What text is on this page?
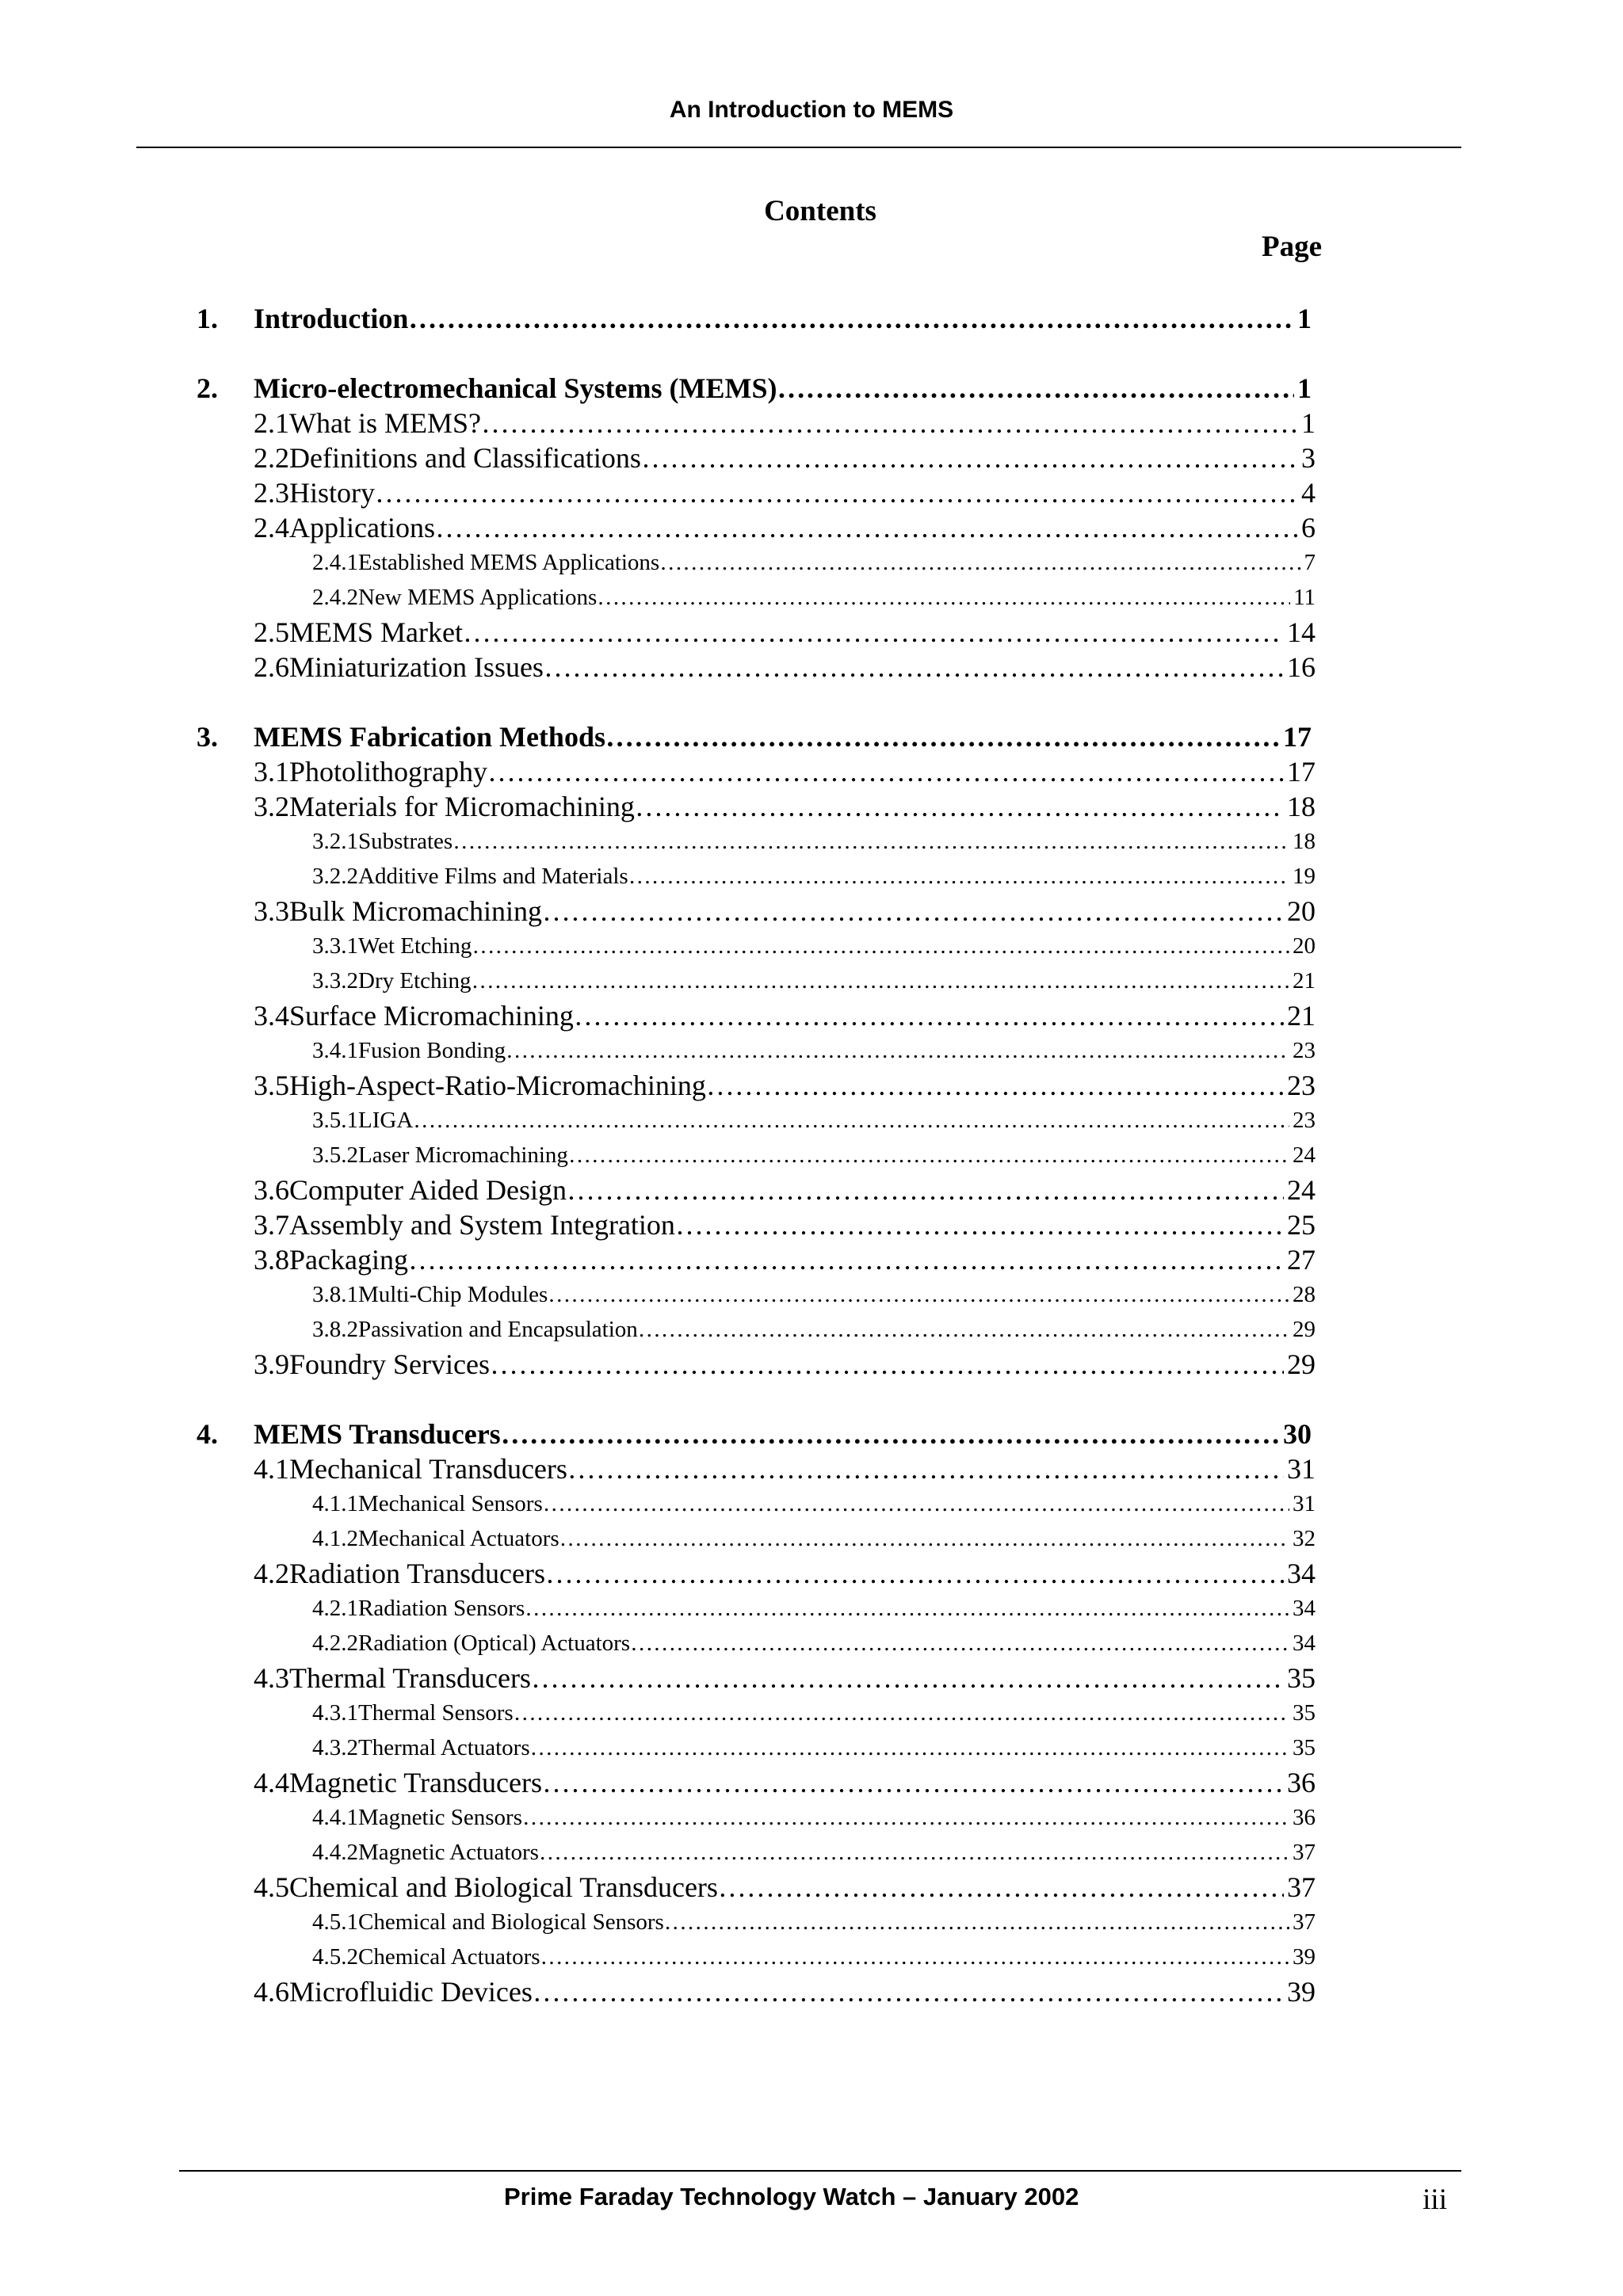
An Introduction to MEMS
Contents
Page
1. Introduction ……………………………………………………………………………………………………………………………………………………………………………………………………………………………………………………………………………………………………………………	1
2. Micro-electromechanical Systems (MEMS) ……………………………………………………………………………………………………………………………………………………………………………………………………………………………………………………………………………………………………………………	1
2.1 What is MEMS? ……………………………………………………………………………………………………………………………………………………………………………………………………………………………………………………………………………………………………………………	1
2.2 Definitions and Classifications ……………………………………………………………………………………………………………………………………………………………………………………………………………………………………………………………………………………………………………………	3
2.3 History ……………………………………………………………………………………………………………………………………………………………………………………………………………………………………………………………………………………………………………………	4
2.4 Applications ……………………………………………………………………………………………………………………………………………………………………………………………………………………………………………………………………………………………………………………	6
2.4.1 Established MEMS Applications ……………………………………………………………………………………………………………………………………………………………………………………………………………………………………………………………………………………………………………………	7
2.4.2 New MEMS Applications ……………………………………………………………………………………………………………………………………………………………………………………………………………………………………………………………………………………………………………………	11
2.5 MEMS Market ……………………………………………………………………………………………………………………………………………………………………………………………………………………………………………………………………………………………………………………	14
2.6 Miniaturization Issues ……………………………………………………………………………………………………………………………………………………………………………………………………………………………………………………………………………………………………………………	16
3. MEMS Fabrication Methods ……………………………………………………………………………………………………………………………………………………………………………………………………………………………………………………………………………………………………………………	17
3.1 Photolithography ……………………………………………………………………………………………………………………………………………………………………………………………………………………………………………………………………………………………………………………	17
3.2 Materials for Micromachining ……………………………………………………………………………………………………………………………………………………………………………………………………………………………………………………………………………………………………………………	18
3.2.1 Substrates ……………………………………………………………………………………………………………………………………………………………………………………………………………………………………………………………………………………………………………………	18
3.2.2 Additive Films and Materials ……………………………………………………………………………………………………………………………………………………………………………………………………………………………………………………………………………………………………………………	19
3.3 Bulk Micromachining ……………………………………………………………………………………………………………………………………………………………………………………………………………………………………………………………………………………………………………………	20
3.3.1 Wet Etching ……………………………………………………………………………………………………………………………………………………………………………………………………………………………………………………………………………………………………………………	20
3.3.2 Dry Etching ……………………………………………………………………………………………………………………………………………………………………………………………………………………………………………………………………………………………………………………	21
3.4 Surface Micromachining ……………………………………………………………………………………………………………………………………………………………………………………………………………………………………………………………………………………………………………………	21
3.4.1 Fusion Bonding ……………………………………………………………………………………………………………………………………………………………………………………………………………………………………………………………………………………………………………………	23
3.5 High-Aspect-Ratio-Micromachining ……………………………………………………………………………………………………………………………………………………………………………………………………………………………………………………………………………………………………………………	23
3.5.1 LIGA ……………………………………………………………………………………………………………………………………………………………………………………………………………………………………………………………………………………………………………………	23
3.5.2 Laser Micromachining ……………………………………………………………………………………………………………………………………………………………………………………………………………………………………………………………………………………………………………………	24
3.6 Computer Aided Design ……………………………………………………………………………………………………………………………………………………………………………………………………………………………………………………………………………………………………………………	24
3.7 Assembly and System Integration ……………………………………………………………………………………………………………………………………………………………………………………………………………………………………………………………………………………………………………………	25
3.8 Packaging ……………………………………………………………………………………………………………………………………………………………………………………………………………………………………………………………………………………………………………………	27
3.8.1 Multi-Chip Modules ……………………………………………………………………………………………………………………………………………………………………………………………………………………………………………………………………………………………………………………	28
3.8.2 Passivation and Encapsulation ……………………………………………………………………………………………………………………………………………………………………………………………………………………………………………………………………………………………………………………	29
3.9 Foundry Services ……………………………………………………………………………………………………………………………………………………………………………………………………………………………………………………………………………………………………………………	29
4. MEMS Transducers ……………………………………………………………………………………………………………………………………………………………………………………………………………………………………………………………………………………………………………………	30
4.1 Mechanical Transducers ……………………………………………………………………………………………………………………………………………………………………………………………………………………………………………………………………………………………………………………	31
4.1.1 Mechanical Sensors ……………………………………………………………………………………………………………………………………………………………………………………………………………………………………………………………………………………………………………………	31
4.1.2 Mechanical Actuators ……………………………………………………………………………………………………………………………………………………………………………………………………………………………………………………………………………………………………………………	32
4.2 Radiation Transducers ……………………………………………………………………………………………………………………………………………………………………………………………………………………………………………………………………………………………………………………	34
4.2.1 Radiation Sensors ……………………………………………………………………………………………………………………………………………………………………………………………………………………………………………………………………………………………………………………	34
4.2.2 Radiation (Optical) Actuators ……………………………………………………………………………………………………………………………………………………………………………………………………………………………………………………………………………………………………………………	34
4.3 Thermal Transducers ……………………………………………………………………………………………………………………………………………………………………………………………………………………………………………………………………………………………………………………	35
4.3.1 Thermal Sensors ……………………………………………………………………………………………………………………………………………………………………………………………………………………………………………………………………………………………………………………	35
4.3.2 Thermal Actuators ……………………………………………………………………………………………………………………………………………………………………………………………………………………………………………………………………………………………………………………	35
4.4 Magnetic Transducers ……………………………………………………………………………………………………………………………………………………………………………………………………………………………………………………………………………………………………………………	36
4.4.1 Magnetic Sensors ……………………………………………………………………………………………………………………………………………………………………………………………………………………………………………………………………………………………………………………	36
4.4.2 Magnetic Actuators ……………………………………………………………………………………………………………………………………………………………………………………………………………………………………………………………………………………………………………………	37
4.5 Chemical and Biological Transducers ……………………………………………………………………………………………………………………………………………………………………………………………………………………………………………………………………………………………………………………	37
4.5.1 Chemical and Biological Sensors ……………………………………………………………………………………………………………………………………………………………………………………………………………………………………………………………………………………………………………………	37
4.5.2 Chemical Actuators ……………………………………………………………………………………………………………………………………………………………………………………………………………………………………………………………………………………………………………………	39
4.6 Microfluidic Devices ……………………………………………………………………………………………………………………………………………………………………………………………………………………………………………………………………………………………………………………	39
Prime Faraday Technology Watch – January 2002	iii
